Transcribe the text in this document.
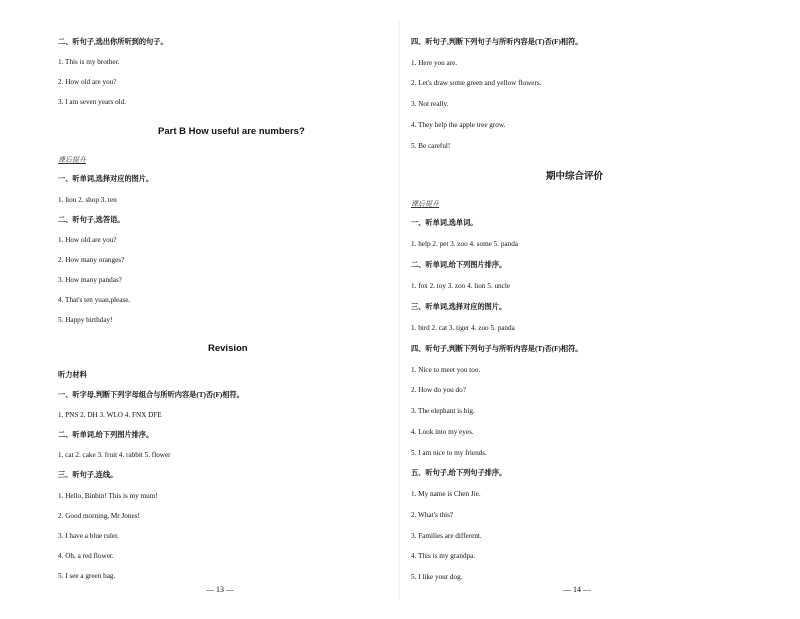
二、听句子,选出你所听到的句子。
1. This is my brother.
2. How old are you?
3. I am seven years old.
Part B How useful are numbers?
课后提升
一、听单词,选择对应的图片。
1. lion 2. shop 3. ten
二、听句子,选答语。
1. How old are you?
2. How many oranges?
3. How many pandas?
4. That's ten yuan,please.
5. Happy birthday!
Revision
听力材料
一、听字母,判断下列字母组合与所听内容是(T)否(F)相符。
1. PNS 2. DH 3. WLO 4. FNX DFE
二、听单词,给下列图片排序。
1. cat 2. cake 3. fruit 4. rabbit 5. flower
三、听句子,连线。
1. Hello, Binbin! This is my mum!
2. Good morning, Mr Jones!
3. I have a blue ruler.
4. Oh, a red flower.
5. I see a green bag.
— 13 —
四、听句子,判断下列句子与所听内容是(T)否(F)相符。
1. Here you are.
2. Let's draw some green and yellow flowers.
3. Not really.
4. They help the apple tree grow.
5. Be careful!
期中综合评价
课后提升
一、听单词,选单词。
1. help 2. pet 3. zoo 4. some 5. panda
二、听单词,给下列图片排序。
1. fox 2. toy 3. zoo 4. lion 5. uncle
三、听单词,选择对应的图片。
1. bird 2. cat 3. tiger 4. zoo 5. panda
四、听句子,判断下列句子与所听内容是(T)否(F)相符。
1. Nice to meet you too.
2. How do you do?
3. The elephant is big.
4. Look into my eyes.
5. I am nice to my friends.
五、听句子,给下列句子排序。
1. My name is Chen Jie.
2. What's this?
3. Families are different.
4. This is my grandpa.
5. I like your dog.
— 14 —
